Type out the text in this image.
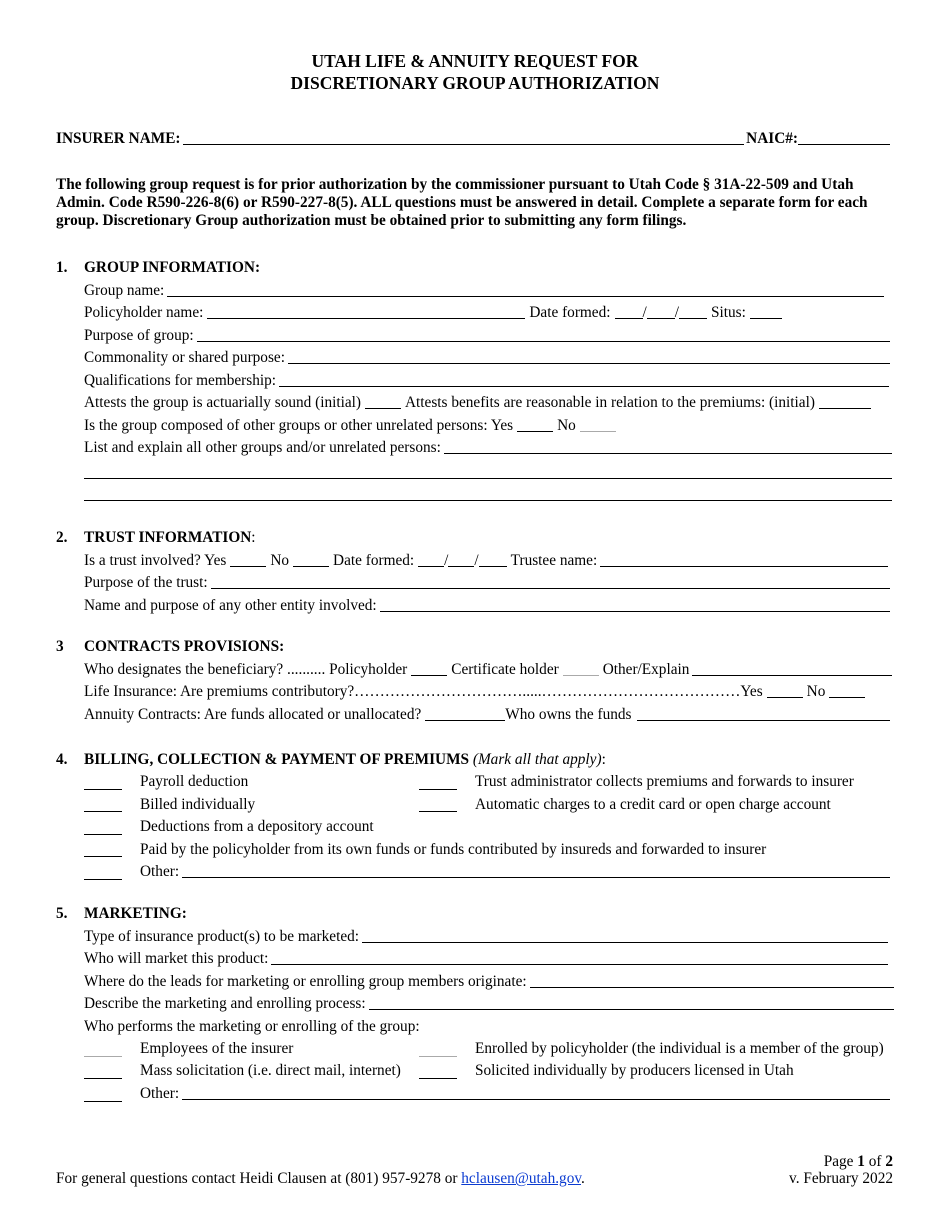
UTAH LIFE & ANNUITY REQUEST FOR
DISCRETIONARY GROUP AUTHORIZATION
INSURER NAME :	NAIC#:
The following group request is for prior authorization by the commissioner pursuant to Utah Code § 31A-22-509 and Utah Admin. Code R590-226-8(6) or R590-227-8(5). ALL questions must be answered in detail. Complete a separate form for each group. Discretionary Group authorization must be obtained prior to submitting any form filings.
1.	GROUP INFORMATION:
Group name:
Policyholder name:	Date formed: / / Situs:
Purpose of group:
Commonality or shared purpose:
Qualifications for membership:
Attests the group is actuarially sound (initial)	Attests benefits are reasonable in relation to the premiums: (initial)
Is the group composed of other groups or other unrelated persons: Yes	No
List and explain all other groups and/or unrelated persons:
2.	TRUST INFORMATION :
Is a trust involved? Yes	No	Date formed: / / Trustee name:
Purpose of the trust:
Name and purpose of any other entity involved:
3	CONTRACTS PROVISIONS:
Who designates the beneficiary? .......... Policyholder	Certificate holder	Other/Explain
Life Insurance: Are premiums contributory?…………………………….....…………………………………Yes	No
Annuity Contracts: Are funds allocated or unallocated?	Who owns the funds
4.	BILLING, COLLECTION & PAYMENT OF PREMIUMS
(Mark all that apply) :
Payroll deduction	Trust administrator collects premiums and forwards to insurer
Billed individually	Automatic charges to a credit card or open charge account
Deductions from a depository account
Paid by the policyholder from its own funds or funds contributed by insureds and forwarded to insurer
Other:
5.	MARKETING:
Type of insurance product(s) to be marketed:
Who will market this product:
Where do the leads for marketing or enrolling group members originate:
Describe the marketing and enrolling process:
Who performs the marketing or enrolling of the group:
Employees of the insurer	Enrolled by policyholder (the individual is a member of the group)
Mass solicitation (i.e. direct mail, internet)	Solicited individually by producers licensed in Utah
Other:
For general questions contact Heidi Clausen at (801) 957-9278 or hclausen@utah.gov.
Page 1 of 2
v. February 2022
